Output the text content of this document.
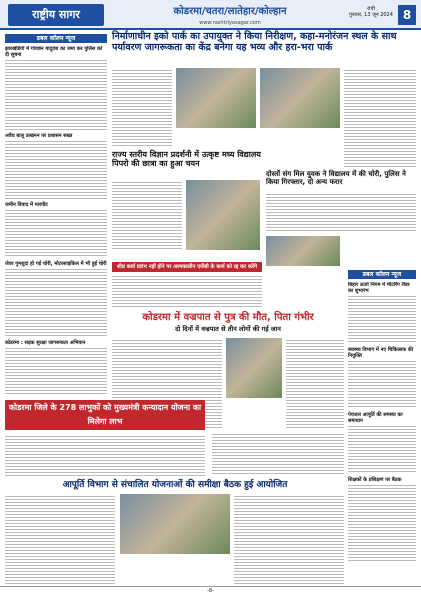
राष्ट्रीय सागर	कोडरमा/चतरा/लातेहार/कोल्हान
www.rashtriyasagar.com
रांची
गुरुवार, 13 जून 2024 8
डबल कॉलम न्यूज
झारखंडियों में गोवर्धन यादुवंश का जमा कर पुलिस को दी सूचना
अवैध बालू उत्खनन पर प्रशासन सख्त
जमीन विवाद में मारपीट
जेवर गुमशुदा हो गई चोरी, मोटरसाइकिल में भी हुई चोरी
कोडरमा : सड़क सुरक्षा जागरूकता अभियान
निर्माणाधीन इको पार्क का उपायुक्त ने किया निरीक्षण, कहा-मनोरंजन स्थल के साथ पर्यावरण जागरूकता का केंद्र बनेगा यह भव्य और हरा-भरा पार्क
राज्य स्तरीय विज्ञान प्रदर्शनी में उत्कृष्ट मध्य विद्यालय पिपरो की छात्रा का हुआ चयन
दोस्तों संग मिल युवक ने विद्यालय में की चोरी, पुलिस ने किया गिरफ्तार, दो अन्य फरार
शीघ्र कार्य प्रारंभ नहीं होने पर अल्पकालीन एजेंसी के कार्य को रद्द कर करेंगे
डबल कॉलम न्यूज
बिहार ऊर्जा निगम में मीटरिंग रीडर का शुभारंभ
स्वास्थ्य विभाग में नए चिकित्सक की नियुक्ति
पेयजल आपूर्ति की समस्या का समाधान
शिक्षकों के प्रशिक्षण पर बैठक
कोडरमा में वज्रपात से पुत्र की मौत, पिता गंभीर
दो दिनों में वज्रपात से तीन लोगों की गई जान
कोडरमा जिले के 278 लाभुकों को मुख्यमंत्री कन्यादान योजना का मिलेगा लाभ
आपूर्ति विभाग से संचालित योजनाओं की समीक्षा बैठक हुई आयोजित
-8-
